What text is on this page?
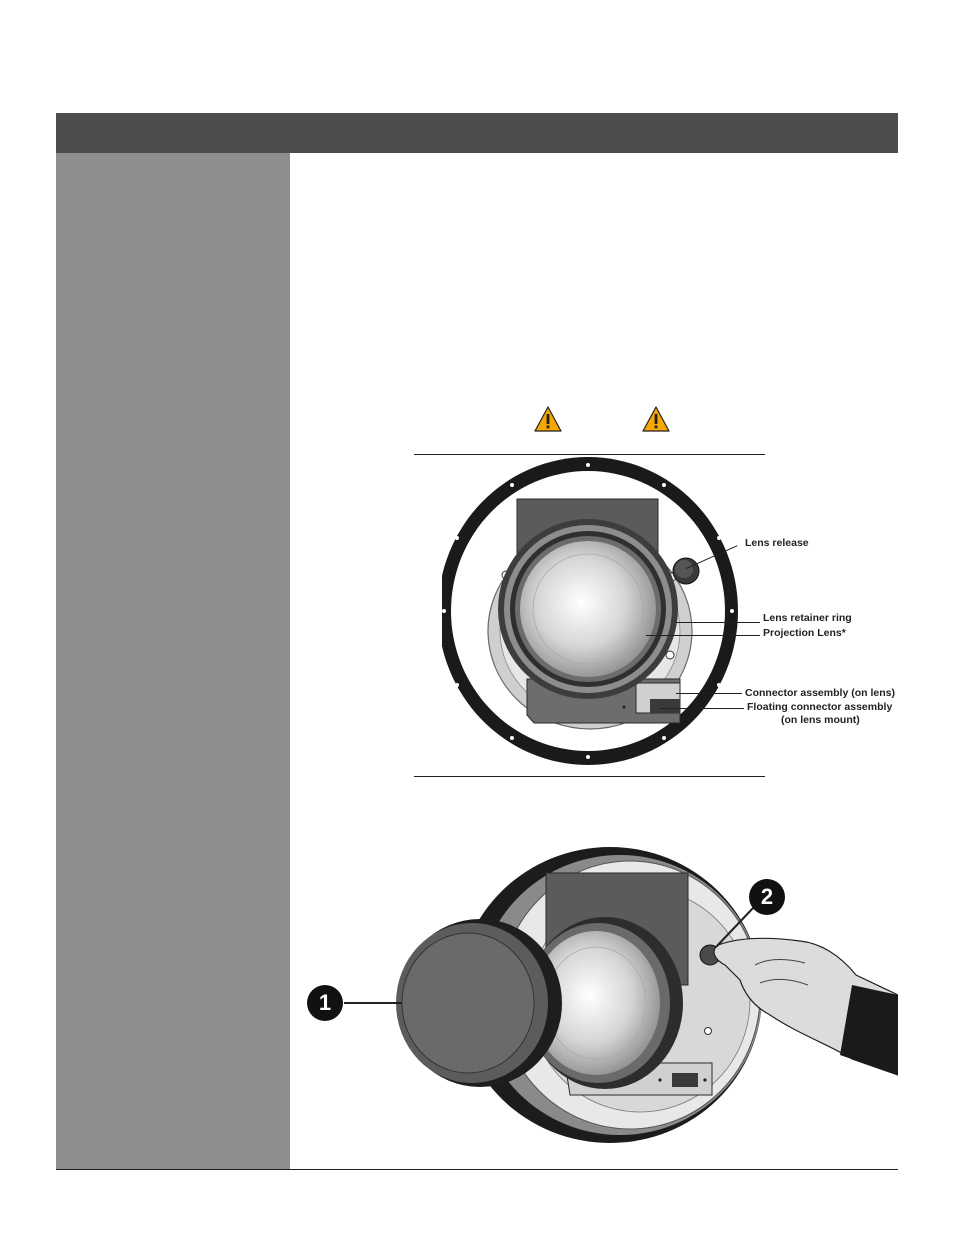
Lens release
Lens retainer ring
Projection Lens*
Connector assembly (on lens)
Floating connector assembly
(on lens mount)
1
2
